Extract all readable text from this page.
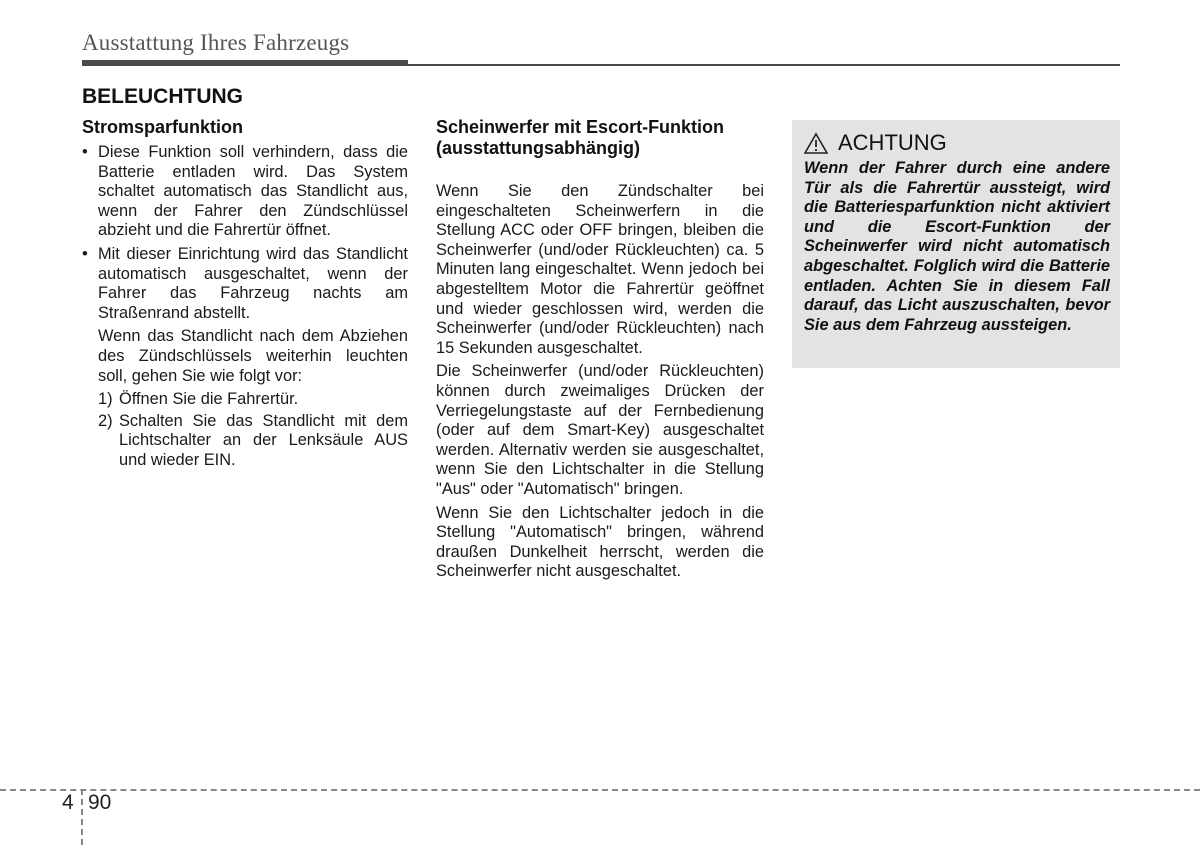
Ausstattung Ihres Fahrzeugs
BELEUCHTUNG
Stromsparfunktion
• Diese Funktion soll verhindern, dass die Batterie entladen wird. Das System schaltet automatisch das Standlicht aus, wenn der Fahrer den Zündschlüssel abzieht und die Fahrertür öffnet.
• Mit dieser Einrichtung wird das Standlicht automatisch ausgeschaltet, wenn der Fahrer das Fahrzeug nachts am Straßenrand abstellt.
Wenn das Standlicht nach dem Abziehen des Zündschlüssels weiterhin leuchten soll, gehen Sie wie folgt vor:
1) Öffnen Sie die Fahrertür.
2) Schalten Sie das Standlicht mit dem Lichtschalter an der Lenksäule AUS und wieder EIN.
Scheinwerfer mit Escort-Funktion (ausstattungsabhängig)
Wenn Sie den Zündschalter bei eingeschalteten Scheinwerfern in die Stellung ACC oder OFF bringen, bleiben die Scheinwerfer (und/oder Rückleuchten) ca. 5 Minuten lang eingeschaltet. Wenn jedoch bei abgestelltem Motor die Fahrertür geöffnet und wieder geschlossen wird, werden die Scheinwerfer (und/oder Rückleuchten) nach 15 Sekunden ausgeschaltet.
Die Scheinwerfer (und/oder Rückleuchten) können durch zweimaliges Drücken der Verriegelungstaste auf der Fernbedienung (oder auf dem Smart-Key) ausgeschaltet werden. Alternativ werden sie ausgeschaltet, wenn Sie den Lichtschalter in die Stellung "Aus" oder "Automatisch" bringen.
Wenn Sie den Lichtschalter jedoch in die Stellung "Automatisch" bringen, während draußen Dunkelheit herrscht, werden die Scheinwerfer nicht ausgeschaltet.
ACHTUNG
Wenn der Fahrer durch eine andere Tür als die Fahrertür aussteigt, wird die Batteriesparfunktion nicht aktiviert und die Escort-Funktion der Scheinwerfer wird nicht automatisch abgeschaltet. Folglich wird die Batterie entladen. Achten Sie in diesem Fall darauf, das Licht auszuschalten, bevor Sie aus dem Fahrzeug aussteigen.
4 90
